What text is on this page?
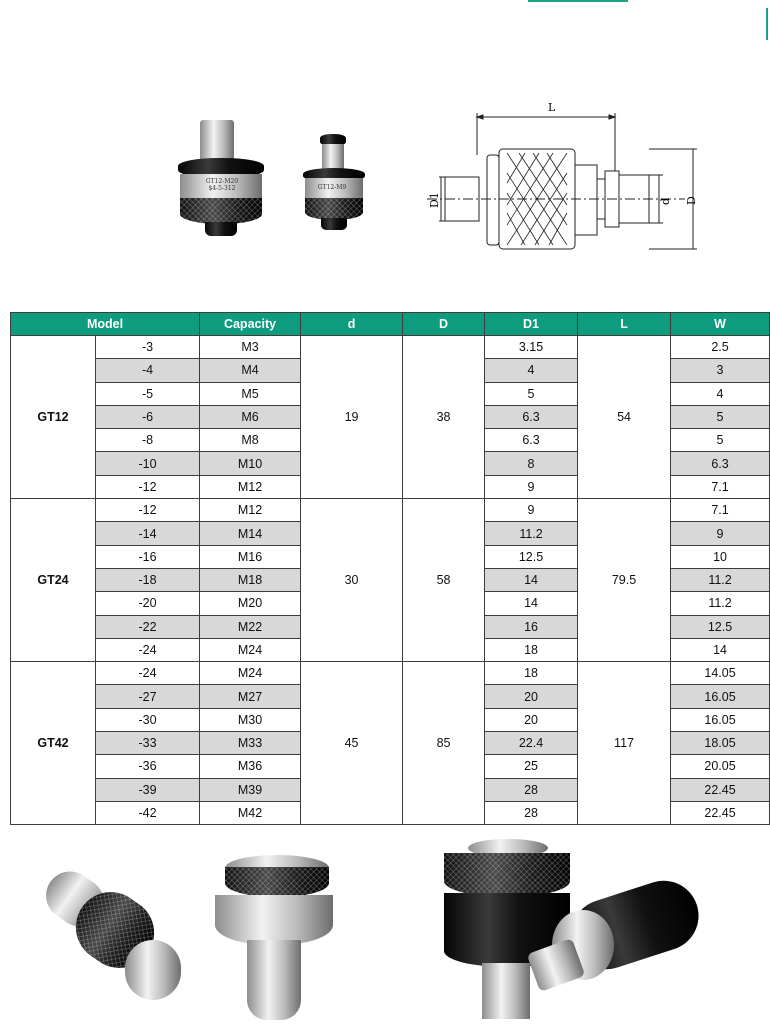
GT12-M20
$4-5-312	GT12-M9
L
D1	d D
Model		Capacity	d	D	D1	L	W
GT12	-3	M3	19	38	3.15	54	2.5
	-4	M4			4		3
	-5	M5			5		4
	-6	M6			6.3		5
	-8	M8			6.3		5
	-10	M10			8		6.3
	-12	M12			9		7.1
GT24	-12	M12	30	58	9	79.5	7.1
	-14	M14			11.2		9
	-16	M16			12.5		10
	-18	M18			14		11.2
	-20	M20			14		11.2
	-22	M22			16		12.5
	-24	M24			18		14
GT42	-24	M24	45	85	18	117	14.05
	-27	M27			20		16.05
	-30	M30			20		16.05
	-33	M33			22.4		18.05
	-36	M36			25		20.05
	-39	M39			28		22.45
	-42	M42			28		22.45
